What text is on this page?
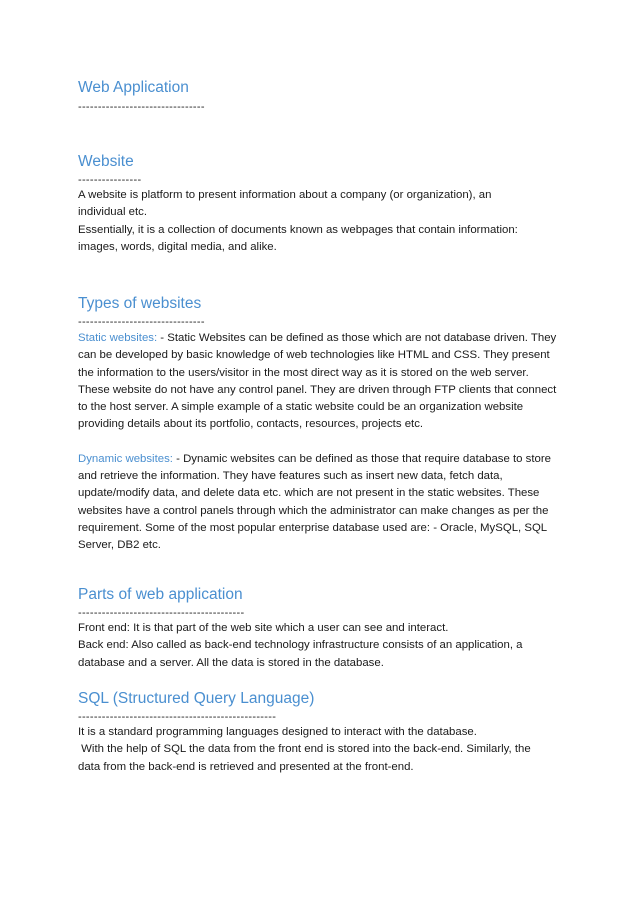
Web Application
--------------------------------
Website
----------------

A website is platform to present information about a company (or organization), an

individual etc.

Essentially, it is a collection of documents known as webpages that contain information:

images, words, digital media, and alike.

Types of websites
--------------------------------

Static websites: - Static Websites can be defined as those which are not database driven. They can be developed by basic knowledge of web technologies like HTML and CSS. They present the information to the users/visitor in the most direct way as it is stored on the web server. These website do not have any control panel. They are driven through FTP clients that connect to the host server. A simple example of a static website could be an organization website providing details about its portfolio, contacts, resources, projects etc.

Dynamic websites: - Dynamic websites can be defined as those that require database to store and retrieve the information. They have features such as insert new data, fetch data, update/modify data, and delete data etc. which are not present in the static websites. These websites have a control panels through which the administrator can make changes as per the requirement. Some of the most popular enterprise database used are: - Oracle, MySQL, SQL Server, DB2 etc.

Parts of web application
------------------------------------------

Front end: It is that part of the web site which a user can see and interact.

Back end: Also called as back-end technology infrastructure consists of an application, a

database and a server. All the data is stored in the database.

SQL (Structured Query Language)
--------------------------------------------------

It is a standard programming languages designed to interact with the database.

With the help of SQL the data from the front end is stored into the back-end. Similarly, the

data from the back-end is retrieved and presented at the front-end.
